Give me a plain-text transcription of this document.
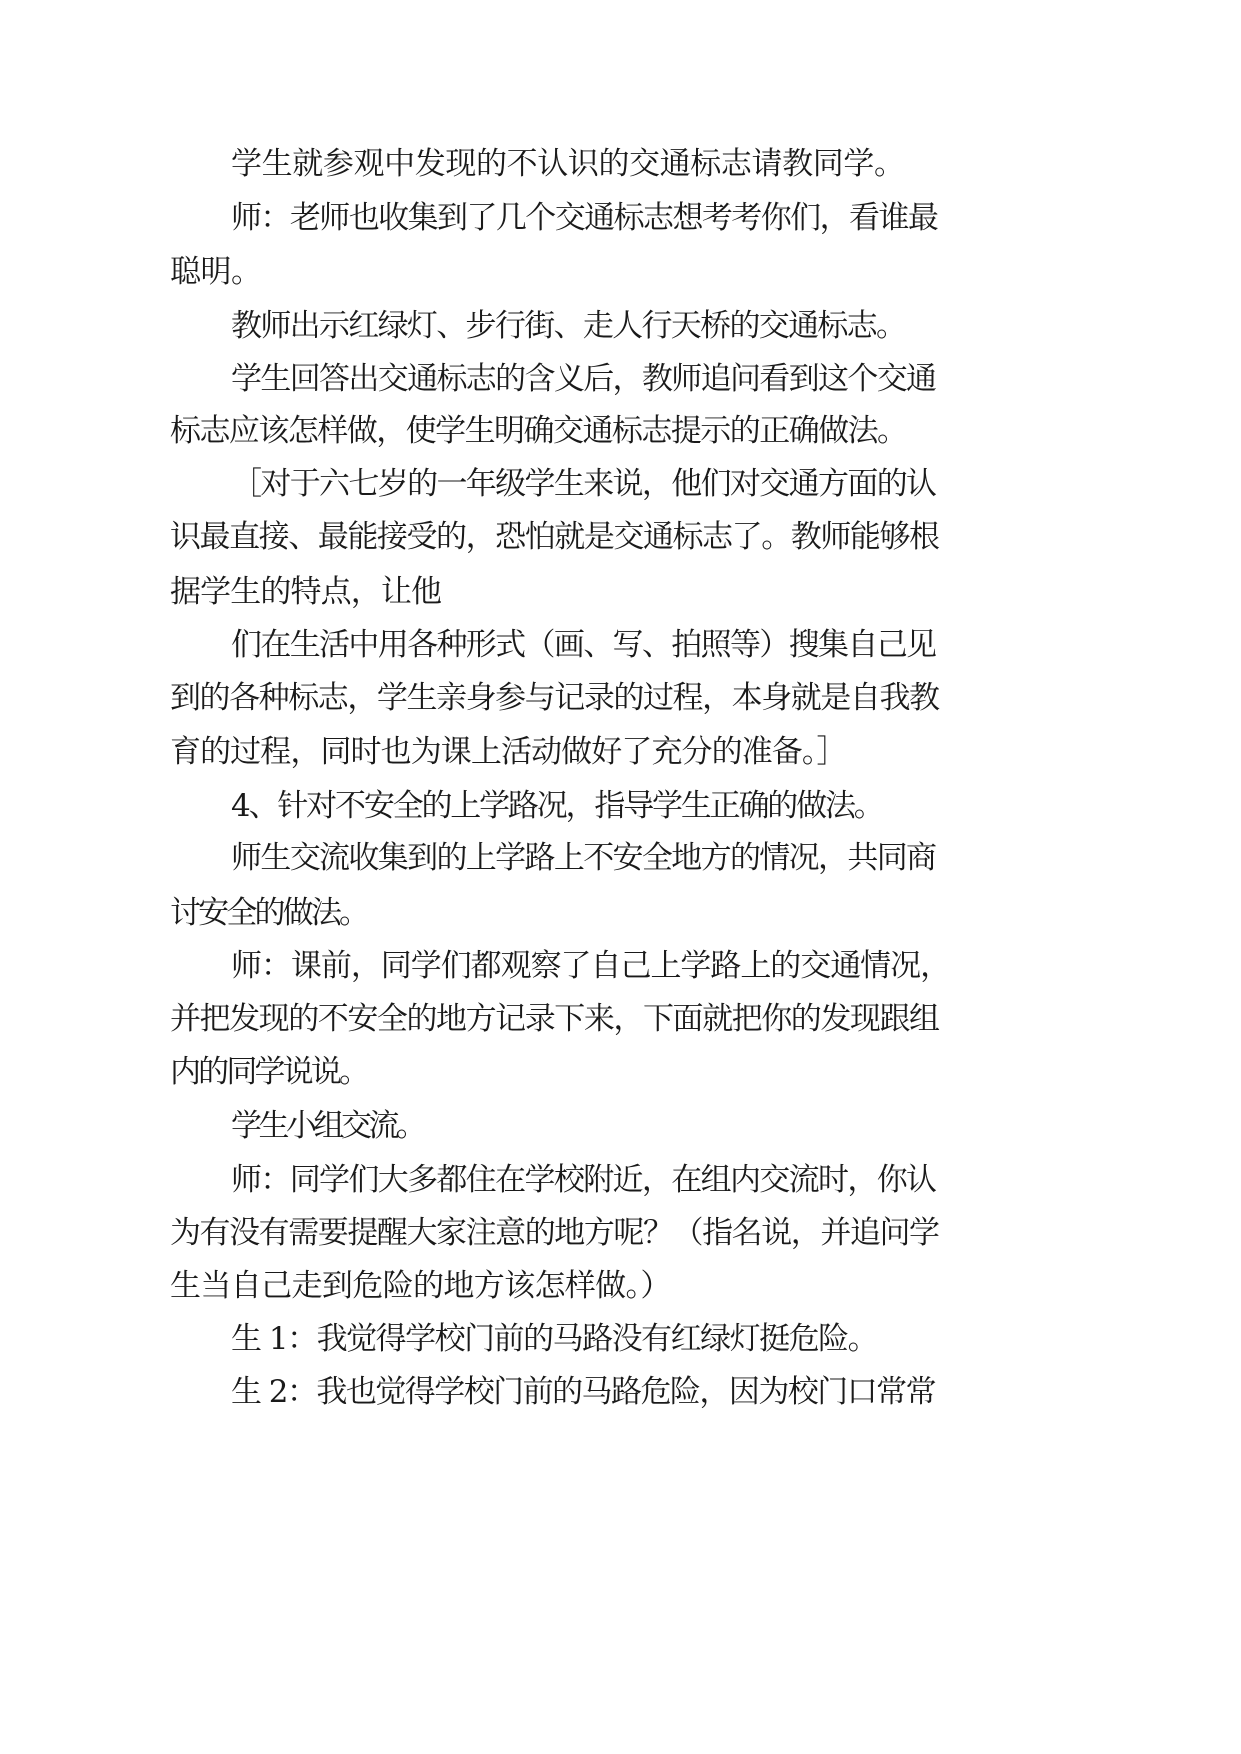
学生就参观中发现的不认识的交通标志请教同学。
师：老师也收集到了几个交通标志想考考你们，看谁最
聪明。
教师出示红绿灯、步行街、走人行天桥的交通标志。
学生回答出交通标志的含义后，教师追问看到这个交通
标志应该怎样做，使学生明确交通标志提示的正确做法。
［对于六七岁的一年级学生来说，他们对交通方面的认
识最直接、最能接受的，恐怕就是交通标志了。教师能够根
据学生的特点，让他
们在生活中用各种形式（画、写、拍照等）搜集自己见
到的各种标志，学生亲身参与记录的过程，本身就是自我教
育的过程，同时也为课上活动做好了充分的准备。］
4、针对不安全的上学路况，指导学生正确的做法。
师生交流收集到的上学路上不安全地方的情况，共同商
讨安全的做法。
师：课前，同学们都观察了自己上学路上的交通情况，
并把发现的不安全的地方记录下来，下面就把你的发现跟组
内的同学说说。
学生小组交流。
师：同学们大多都住在学校附近，在组内交流时，你认
为有没有需要提醒大家注意的地方呢？（指名说，并追问学
生当自己走到危险的地方该怎样做。）
生 1：我觉得学校门前的马路没有红绿灯挺危险。
生 2：我也觉得学校门前的马路危险，因为校门口常常
